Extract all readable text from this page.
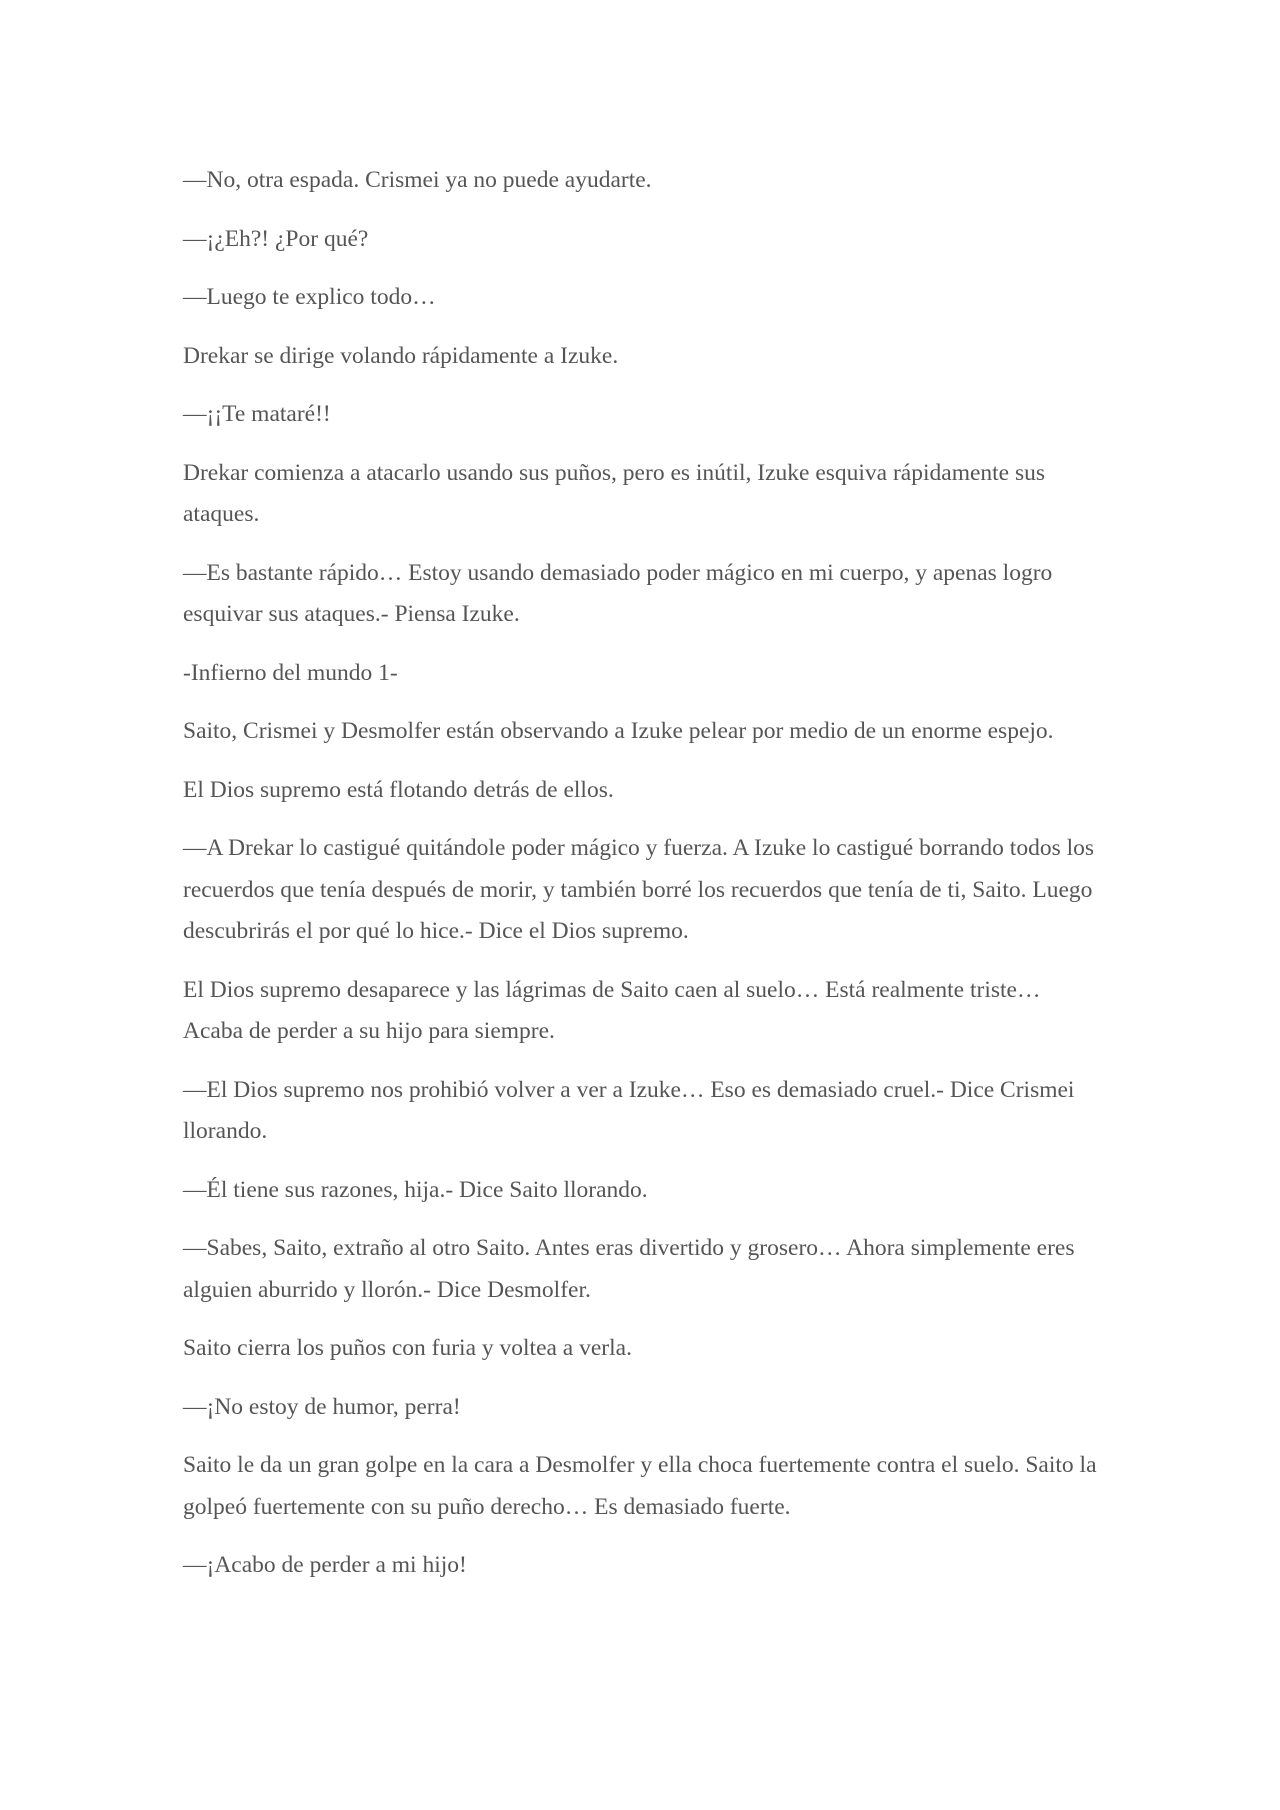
—No, otra espada. Crismei ya no puede ayudarte.

—¡¿Eh?! ¿Por qué?

—Luego te explico todo…

Drekar se dirige volando rápidamente a Izuke.

—¡¡Te mataré!!

Drekar comienza a atacarlo usando sus puños, pero es inútil, Izuke esquiva rápidamente sus ataques.

—Es bastante rápido… Estoy usando demasiado poder mágico en mi cuerpo, y apenas logro esquivar sus ataques.- Piensa Izuke.

-Infierno del mundo 1-

Saito, Crismei y Desmolfer están observando a Izuke pelear por medio de un enorme espejo.

El Dios supremo está flotando detrás de ellos.

—A Drekar lo castigué quitándole poder mágico y fuerza. A Izuke lo castigué borrando todos los recuerdos que tenía después de morir, y también borré los recuerdos que tenía de ti, Saito. Luego descubrirás el por qué lo hice.- Dice el Dios supremo.

El Dios supremo desaparece y las lágrimas de Saito caen al suelo… Está realmente triste… Acaba de perder a su hijo para siempre.

—El Dios supremo nos prohibió volver a ver a Izuke… Eso es demasiado cruel.- Dice Crismei llorando.

—Él tiene sus razones, hija.- Dice Saito llorando.

—Sabes, Saito, extraño al otro Saito. Antes eras divertido y grosero… Ahora simplemente eres alguien aburrido y llorón.- Dice Desmolfer.

Saito cierra los puños con furia y voltea a verla.

—¡No estoy de humor, perra!

Saito le da un gran golpe en la cara a Desmolfer y ella choca fuertemente contra el suelo. Saito la golpeó fuertemente con su puño derecho… Es demasiado fuerte.

—¡Acabo de perder a mi hijo!
